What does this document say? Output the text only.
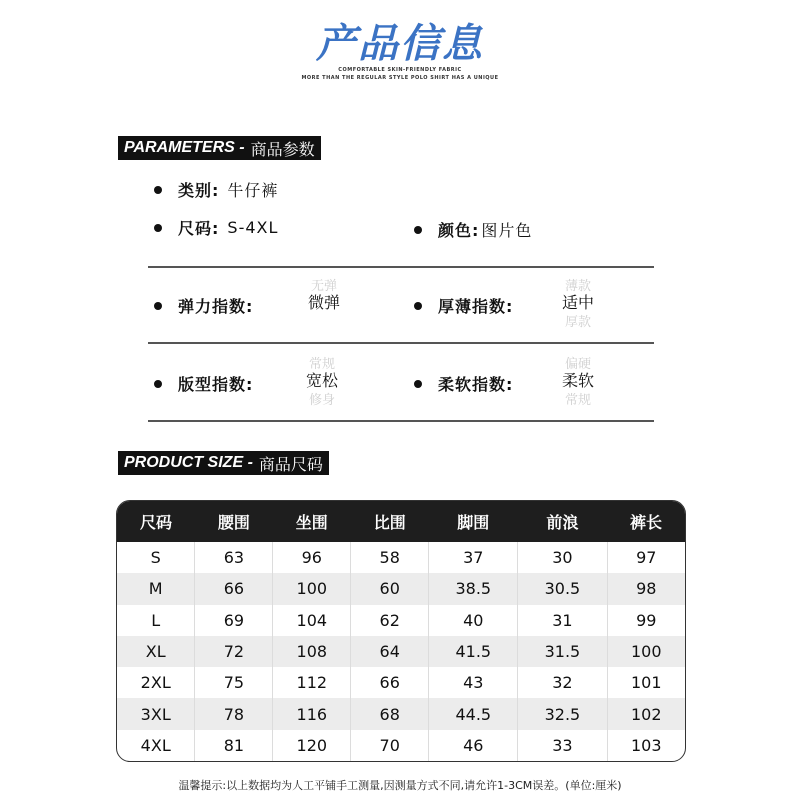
产品信息
COMFORTABLE SKIN-FRIENDLY FABRIC
MORE THAN THE REGULAR STYLE POLO SHIRT HAS A UNIQUE
PARAMETERS - 商品参数
类别: 牛仔裤
尺码: S-4XL	颜色: 图片色
弹力指数:
无弹
微弹	厚薄指数:
薄款
适中
厚款
版型指数:
常规
宽松
修身
柔软指数:
偏硬
柔软
常规
PRODUCT SIZE - 商品尺码
尺码	腰围	坐围	比围	脚围	前浪	裤长
S	63	96	58	37	30	97
M	66	100	60	38.5	30.5	98
L	69	104	62	40	31	99
XL	72	108	64	41.5	31.5	100
2XL	75	112	66	43	32	101
3XL	78	116	68	44.5	32.5	102
4XL	81	120	70	46	33	103
温馨提示:以上数据均为人工平铺手工测量,因测量方式不同,请允许1-3CM误差。(单位:厘米)
